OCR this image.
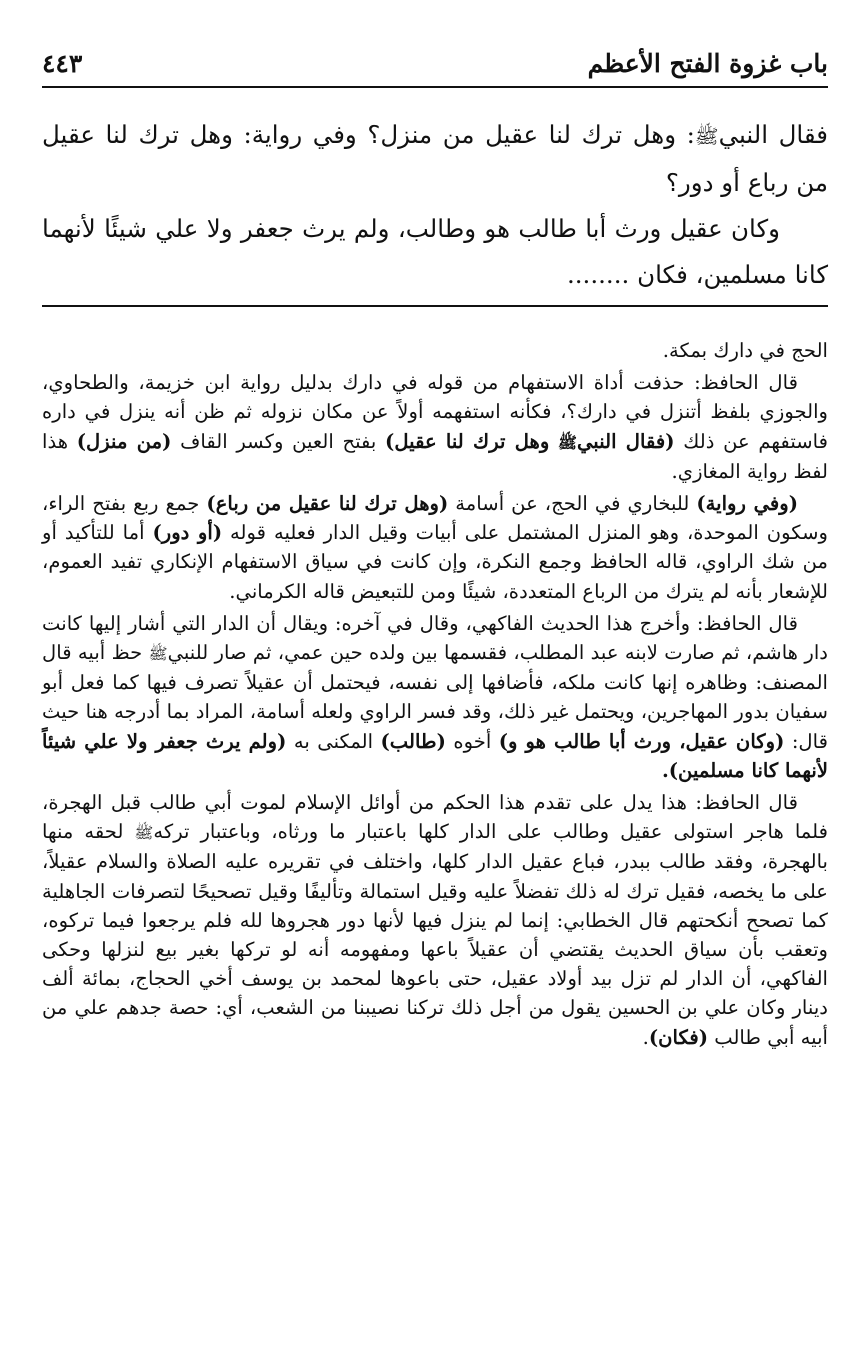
باب غزوة الفتح الأعظم
٤٤٣

فقال النبيﷺ: وهل ترك لنا عقيل من منزل؟ وفي رواية: وهل ترك لنا عقيل من رباع أو دور؟

وكان عقيل ورث أبا طالب هو وطالب، ولم يرث جعفر ولا علي شيئًا لأنهما كانا مسلمين، فكان ........

الحج في دارك بمكة.

قال الحافظ: حذفت أداة الاستفهام من قوله في دارك بدليل رواية ابن خزيمة، والطحاوي، والجوزي بلفظ أتنزل في دارك؟، فكأنه استفهمه أولاً عن مكان نزوله ثم ظن أنه ينزل في داره فاستفهم عن ذلك (فقال النبيﷺ وهل ترك لنا عقيل) بفتح العين وكسر القاف (من منزل) هذا لفظ رواية المغازي.

(وفي رواية) للبخاري في الحج، عن أسامة (وهل ترك لنا عقيل من رباع) جمع ربع بفتح الراء، وسكون الموحدة، وهو المنزل المشتمل على أبيات وقيل الدار فعليه قوله (أو دور) أما للتأكيد أو من شك الراوي، قاله الحافظ وجمع النكرة، وإن كانت في سياق الاستفهام الإنكاري تفيد العموم، للإشعار بأنه لم يترك من الرباع المتعددة، شيئًا ومن للتبعيض قاله الكرماني.

قال الحافظ: وأخرج هذا الحديث الفاكهي، وقال في آخره: ويقال أن الدار التي أشار إليها كانت دار هاشم، ثم صارت لابنه عبد المطلب، فقسمها بين ولده حين عمي، ثم صار للنبيﷺ حظ أبيه قال المصنف: وظاهره إنها كانت ملكه، فأضافها إلى نفسه، فيحتمل أن عقيلاً تصرف فيها كما فعل أبو سفيان بدور المهاجرين، ويحتمل غير ذلك، وقد فسر الراوي ولعله أسامة، المراد بما أدرجه هنا حيث قال: (وكان عقيل، ورث أبا طالب هو و) أخوه (طالب) المكنى به (ولم يرث جعفر ولا علي شيئاً لأنهما كانا مسلمين).

قال الحافظ: هذا يدل على تقدم هذا الحكم من أوائل الإسلام لموت أبي طالب قبل الهجرة، فلما هاجر استولى عقيل وطالب على الدار كلها باعتبار ما ورثاه، وباعتبار تركهﷺ لحقه منها بالهجرة، وفقد طالب ببدر، فباع عقيل الدار كلها، واختلف في تقريره عليه الصلاة والسلام عقيلاً، على ما يخصه، فقيل ترك له ذلك تفضلاً عليه وقيل استمالة وتأليفًا وقيل تصحيحًا لتصرفات الجاهلية كما تصحح أنكحتهم قال الخطابي: إنما لم ينزل فيها لأنها دور هجروها لله فلم يرجعوا فيما تركوه، وتعقب بأن سياق الحديث يقتضي أن عقيلاً باعها ومفهومه أنه لو تركها بغير بيع لنزلها وحكى الفاكهي، أن الدار لم تزل بيد أولاد عقيل، حتى باعوها لمحمد بن يوسف أخي الحجاج، بمائة ألف دينار وكان علي بن الحسين يقول من أجل ذلك تركنا نصيبنا من الشعب، أي: حصة جدهم علي من أبيه أبي طالب (فكان).
